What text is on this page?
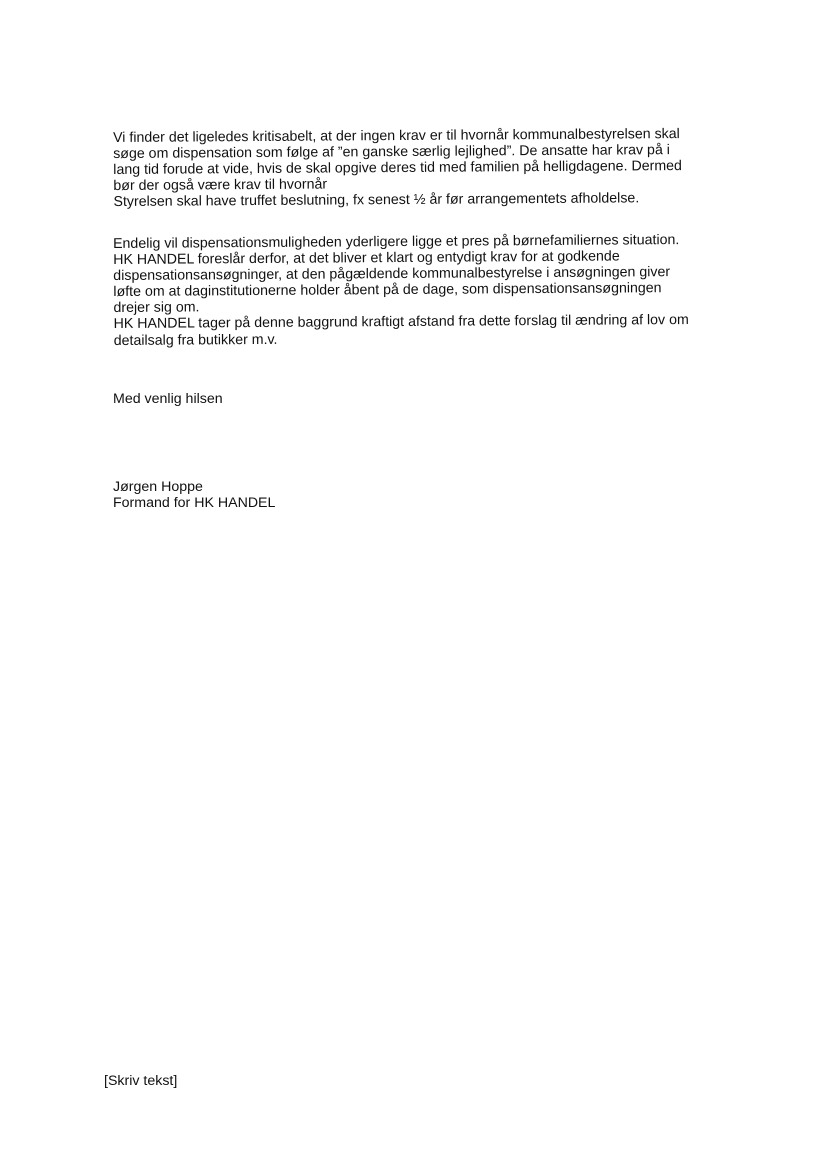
Vi finder det ligeledes kritisabelt, at der ingen krav er til hvornår kommunalbestyrelsen skal
søge om dispensation som følge af ”en ganske særlig lejlighed”. De ansatte har krav på i
lang tid forude at vide, hvis de skal opgive deres tid med familien på helligdagene. Dermed
bør der også være krav til hvornår
Styrelsen skal have truffet beslutning, fx senest ½ år før arrangementets afholdelse.
Endelig vil dispensationsmuligheden yderligere ligge et pres på børnefamiliernes situation.
HK HANDEL foreslår derfor, at det bliver et klart og entydigt krav for at godkende
dispensationsansøgninger, at den pågældende kommunalbestyrelse i ansøgningen giver
løfte om at daginstitutionerne holder åbent på de dage, som dispensationsansøgningen
drejer sig om.
HK HANDEL tager på denne baggrund kraftigt afstand fra dette forslag til ændring af lov om
detailsalg fra butikker m.v.
Med venlig hilsen
Jørgen Hoppe
Formand for HK HANDEL
[Skriv tekst]
